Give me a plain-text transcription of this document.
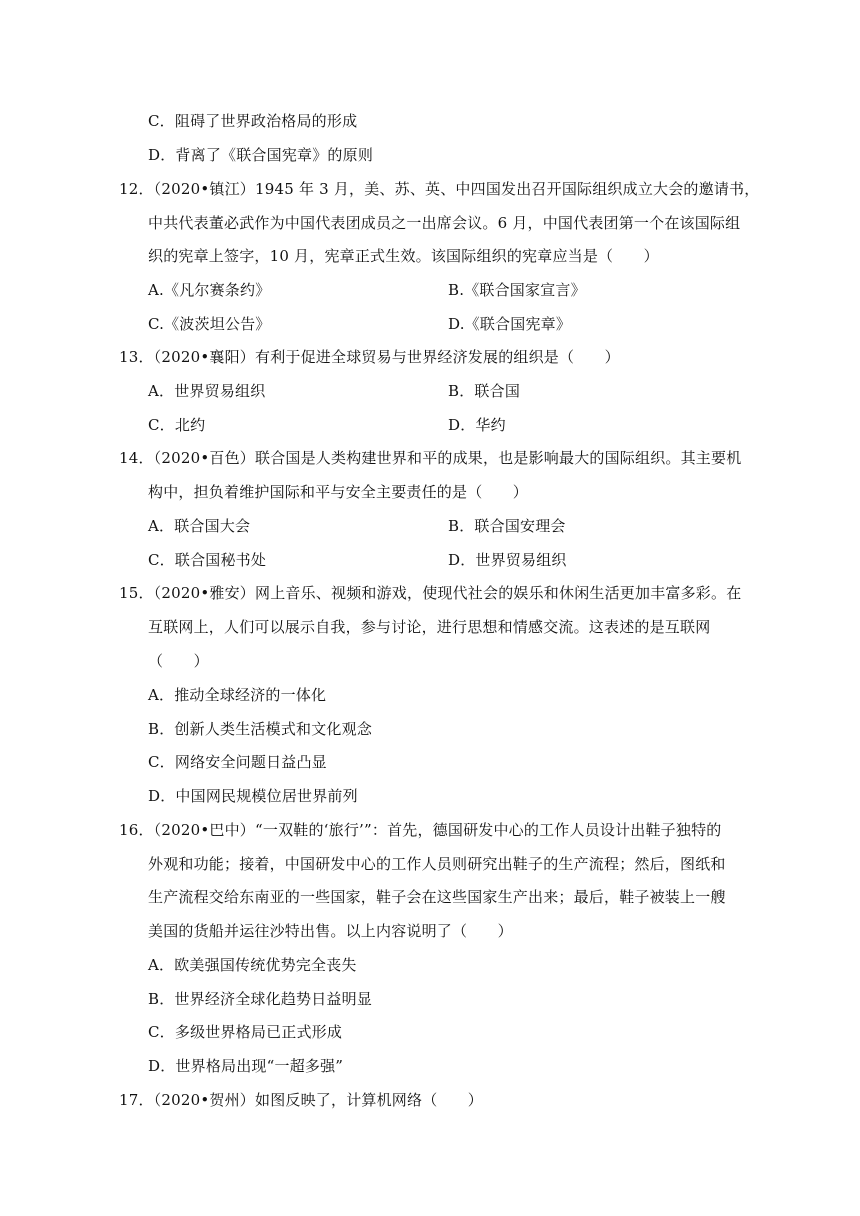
C．阻碍了世界政治格局的形成
D．背离了《联合国宪章》的原则
12．（2020•镇江）1945 年 3 月，美、苏、英、中四国发出召开国际组织成立大会的邀请书，
中共代表董必武作为中国代表团成员之一出席会议。6 月，中国代表团第一个在该国际组
织的宪章上签字，10 月，宪章正式生效。该国际组织的宪章应当是（　　）
A.《凡尔赛条约》	B.《联合国家宣言》
C.《波茨坦公告》	D.《联合国宪章》
13．（2020•襄阳）有利于促进全球贸易与世界经济发展的组织是（　　）
A．世界贸易组织	B．联合国
C．北约	D．华约
14．（2020•百色）联合国是人类构建世界和平的成果，也是影响最大的国际组织。其主要机
构中，担负着维护国际和平与安全主要责任的是（　　）
A．联合国大会	B．联合国安理会
C．联合国秘书处	D．世界贸易组织
15．（2020•雅安）网上音乐、视频和游戏，使现代社会的娱乐和休闲生活更加丰富多彩。在
互联网上，人们可以展示自我，参与讨论，进行思想和情感交流。这表述的是互联网
（　　）
A．推动全球经济的一体化
B．创新人类生活模式和文化观念
C．网络安全问题日益凸显
D．中国网民规模位居世界前列
16．（2020•巴中）“一双鞋的‘旅行’”：首先，德国研发中心的工作人员设计出鞋子独特的
外观和功能；接着，中国研发中心的工作人员则研究出鞋子的生产流程；然后，图纸和
生产流程交给东南亚的一些国家，鞋子会在这些国家生产出来；最后，鞋子被装上一艘
美国的货船并运往沙特出售。以上内容说明了（　　）
A．欧美强国传统优势完全丧失
B．世界经济全球化趋势日益明显
C．多级世界格局已正式形成
D．世界格局出现“一超多强”
17．（2020•贺州）如图反映了，计算机网络（　　）
